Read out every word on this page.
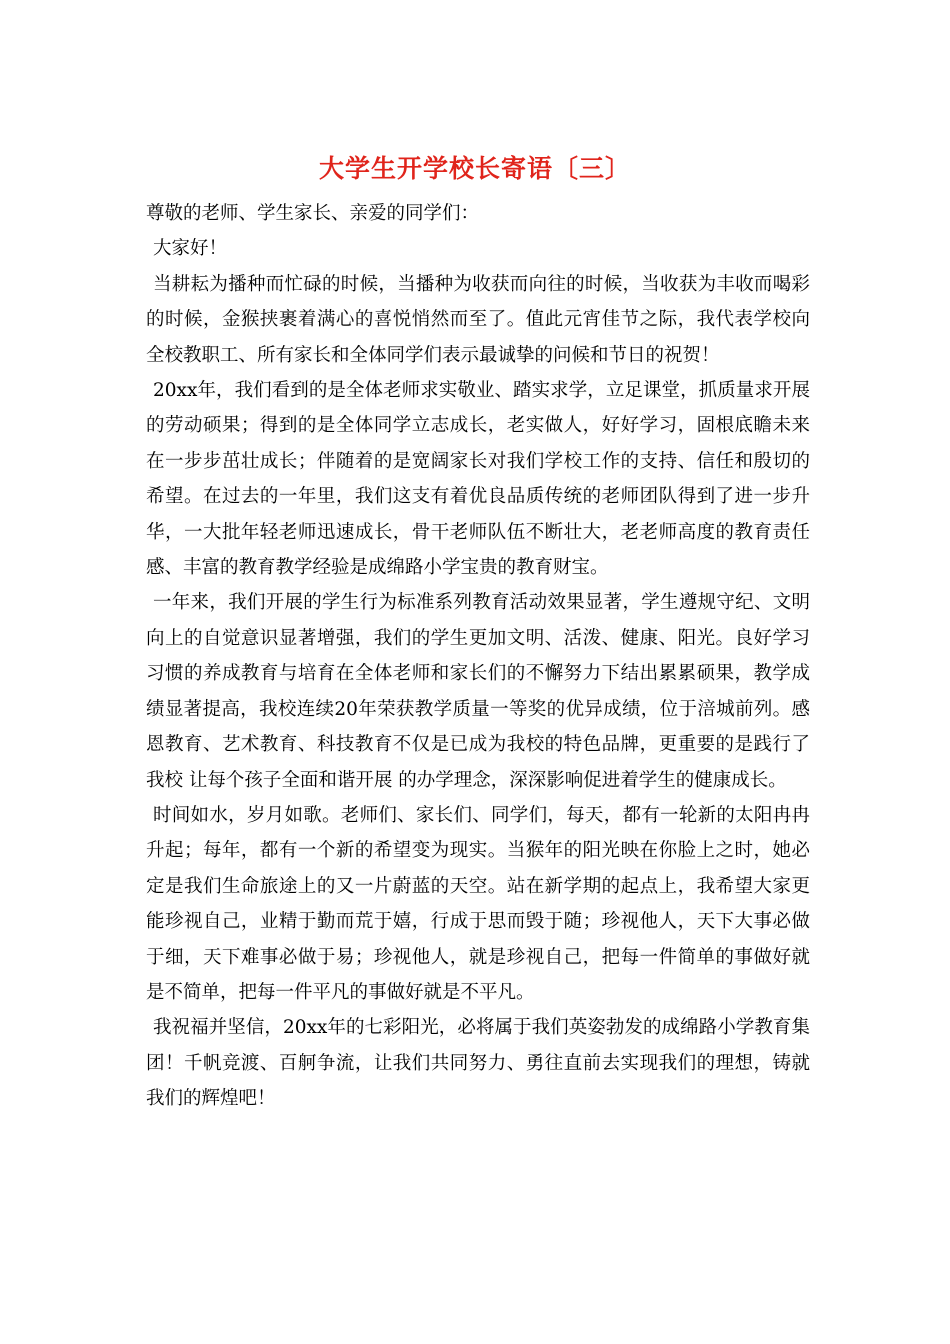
大学生开学校长寄语〔三〕

尊敬的老师、学生家长、亲爱的同学们：

大家好！

当耕耘为播种而忙碌的时候，当播种为收获而向往的时候，当收获为丰收而喝彩的时候，金猴挟裹着满心的喜悦悄然而至了。值此元宵佳节之际，我代表学校向全校教职工、所有家长和全体同学们表示最诚挚的问候和节日的祝贺！

20xx年，我们看到的是全体老师求实敬业、踏实求学，立足课堂，抓质量求开展的劳动硕果；得到的是全体同学立志成长，老实做人，好好学习，固根底瞻未来在一步步茁壮成长；伴随着的是宽阔家长对我们学校工作的支持、信任和殷切的希望。在过去的一年里，我们这支有着优良品质传统的老师团队得到了进一步升华，一大批年轻老师迅速成长，骨干老师队伍不断壮大，老老师高度的教育责任感、丰富的教育教学经验是成绵路小学宝贵的教育财宝。

一年来，我们开展的学生行为标准系列教育活动效果显著，学生遵规守纪、文明向上的自觉意识显著增强，我们的学生更加文明、活泼、健康、阳光。良好学习习惯的养成教育与培育在全体老师和家长们的不懈努力下结出累累硕果，教学成绩显著提高，我校连续20年荣获教学质量一等奖的优异成绩，位于涪城前列。感恩教育、艺术教育、科技教育不仅是已成为我校的特色品牌，更重要的是践行了我校 让每个孩子全面和谐开展 的办学理念，深深影响促进着学生的健康成长。

时间如水，岁月如歌。老师们、家长们、同学们，每天，都有一轮新的太阳冉冉升起；每年，都有一个新的希望变为现实。当猴年的阳光映在你脸上之时，她必定是我们生命旅途上的又一片蔚蓝的天空。站在新学期的起点上，我希望大家更能珍视自己，业精于勤而荒于嬉，行成于思而毁于随；珍视他人，天下大事必做于细，天下难事必做于易；珍视他人，就是珍视自己，把每一件简单的事做好就是不简单，把每一件平凡的事做好就是不平凡。

我祝福并坚信，20xx年的七彩阳光，必将属于我们英姿勃发的成绵路小学教育集团！千帆竞渡、百舸争流，让我们共同努力、勇往直前去实现我们的理想，铸就我们的辉煌吧！
